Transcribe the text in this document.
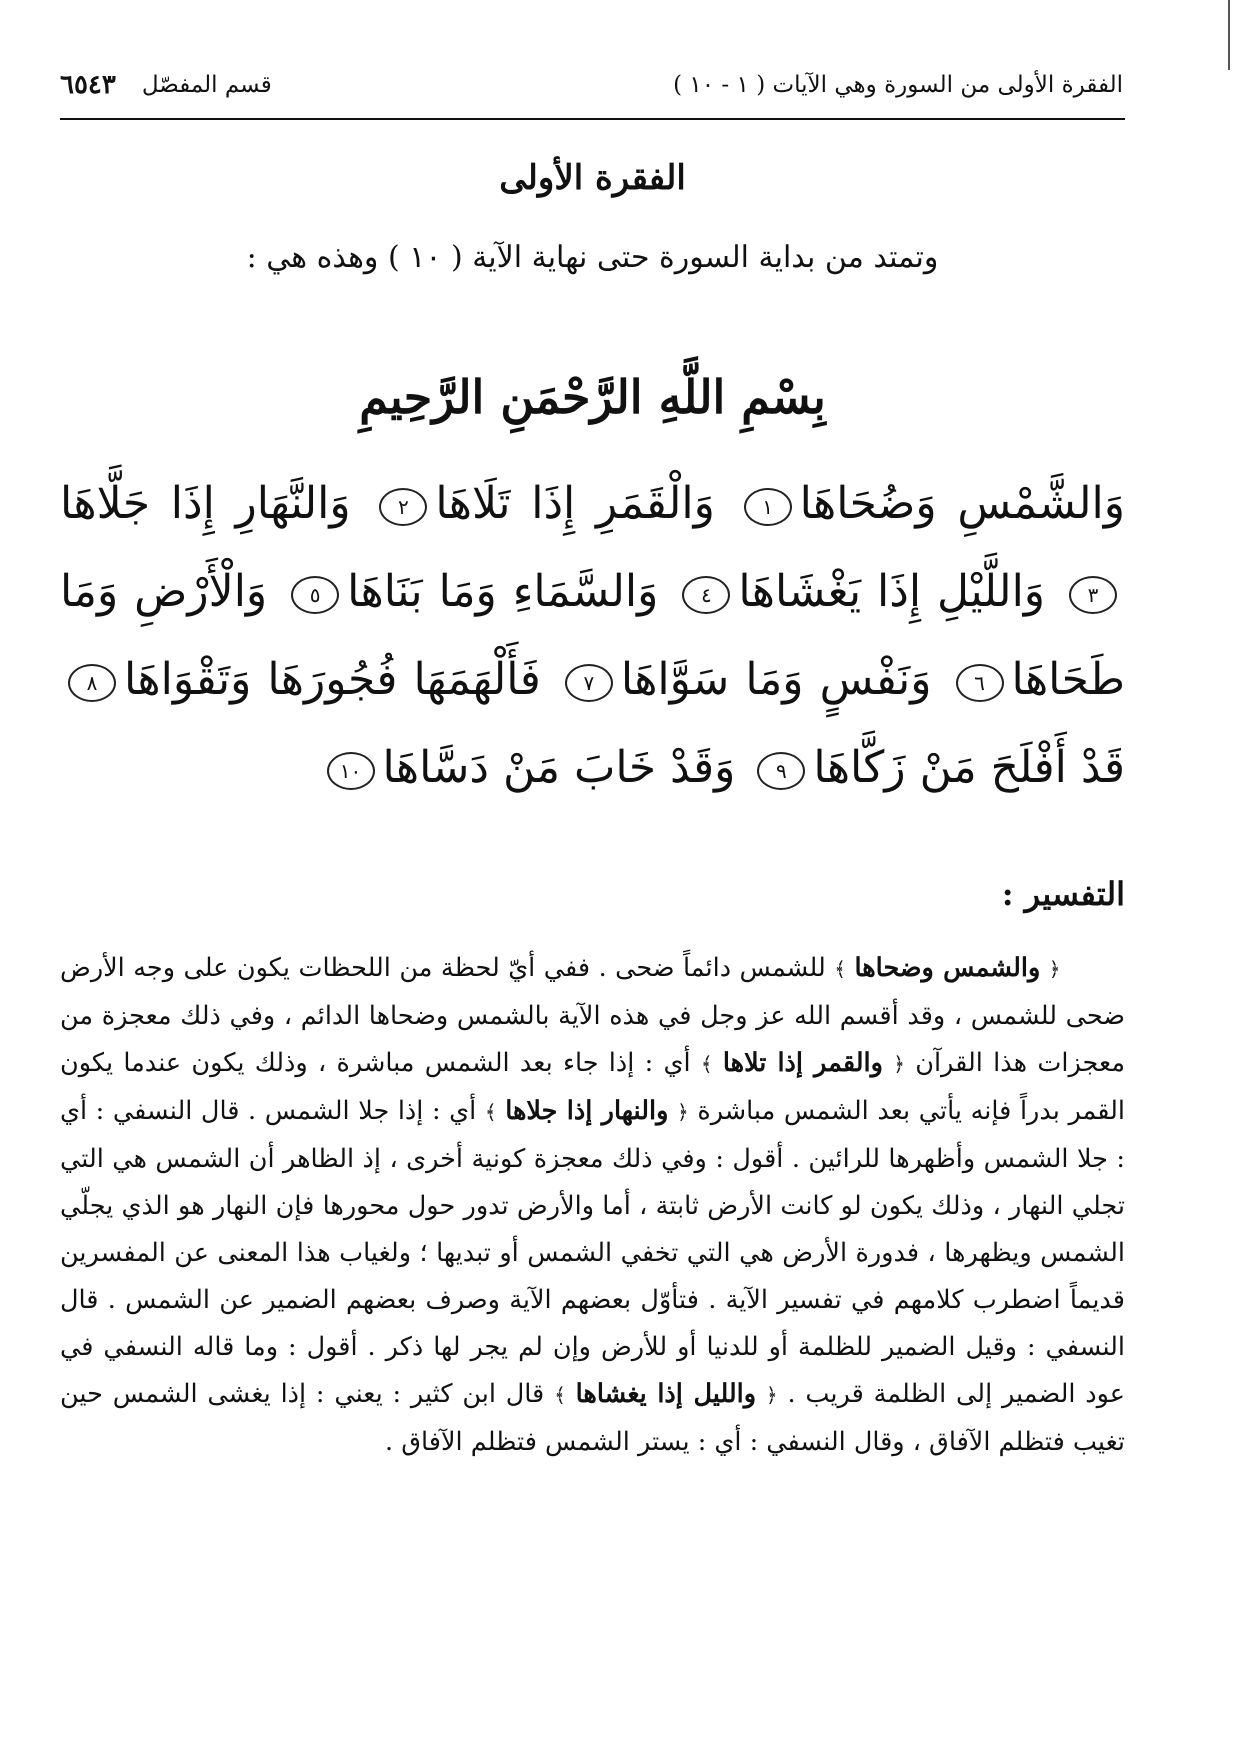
الفقرة الأولى من السورة وهي الآيات ( ١ - ١٠ )
قسم المفصّل
٦٥٤٣
الفقرة الأولى
وتمتد من بداية السورة حتى نهاية الآية ( ١٠ ) وهذه هي :
بِسْمِ اللَّهِ الرَّحْمَنِ الرَّحِيمِ
وَالشَّمْسِ وَضُحَاهَا١ وَالْقَمَرِ إِذَا تَلَاهَا٢ وَالنَّهَارِ إِذَا جَلَّاهَا٣ وَاللَّيْلِ إِذَا يَغْشَاهَا٤ وَالسَّمَاءِ وَمَا بَنَاهَا٥ وَالْأَرْضِ وَمَا طَحَاهَا٦ وَنَفْسٍ وَمَا سَوَّاهَا٧ فَأَلْهَمَهَا فُجُورَهَا وَتَقْوَاهَا٨ قَدْ أَفْلَحَ مَنْ زَكَّاهَا٩ وَقَدْ خَابَ مَنْ دَسَّاهَا١٠
التفسير :

﴿ والشمس وضحاها ﴾ للشمس دائماً ضحى . ففي أيّ لحظة من اللحظات يكون على وجه الأرض ضحى للشمس ، وقد أقسم الله عز وجل في هذه الآية بالشمس وضحاها الدائم ، وفي ذلك معجزة من معجزات هذا القرآن ﴿ والقمر إذا تلاها ﴾ أي : إذا جاء بعد الشمس مباشرة ، وذلك يكون عندما يكون القمر بدراً فإنه يأتي بعد الشمس مباشرة ﴿ والنهار إذا جلاها ﴾ أي : إذا جلا الشمس . قال النسفي : أي : جلا الشمس وأظهرها للرائين . أقول : وفي ذلك معجزة كونية أخرى ، إذ الظاهر أن الشمس هي التي تجلي النهار ، وذلك يكون لو كانت الأرض ثابتة ، أما والأرض تدور حول محورها فإن النهار هو الذي يجلّي الشمس ويظهرها ، فدورة الأرض هي التي تخفي الشمس أو تبديها ؛ ولغياب هذا المعنى عن المفسرين قديماً اضطرب كلامهم في تفسير الآية . فتأوّل بعضهم الآية وصرف بعضهم الضمير عن الشمس . قال النسفي : وقيل الضمير للظلمة أو للدنيا أو للأرض وإن لم يجر لها ذكر . أقول : وما قاله النسفي في عود الضمير إلى الظلمة قريب . ﴿ والليل إذا يغشاها ﴾ قال ابن كثير : يعني : إذا يغشى الشمس حين تغيب فتظلم الآفاق ، وقال النسفي : أي : يستر الشمس فتظلم الآفاق .
